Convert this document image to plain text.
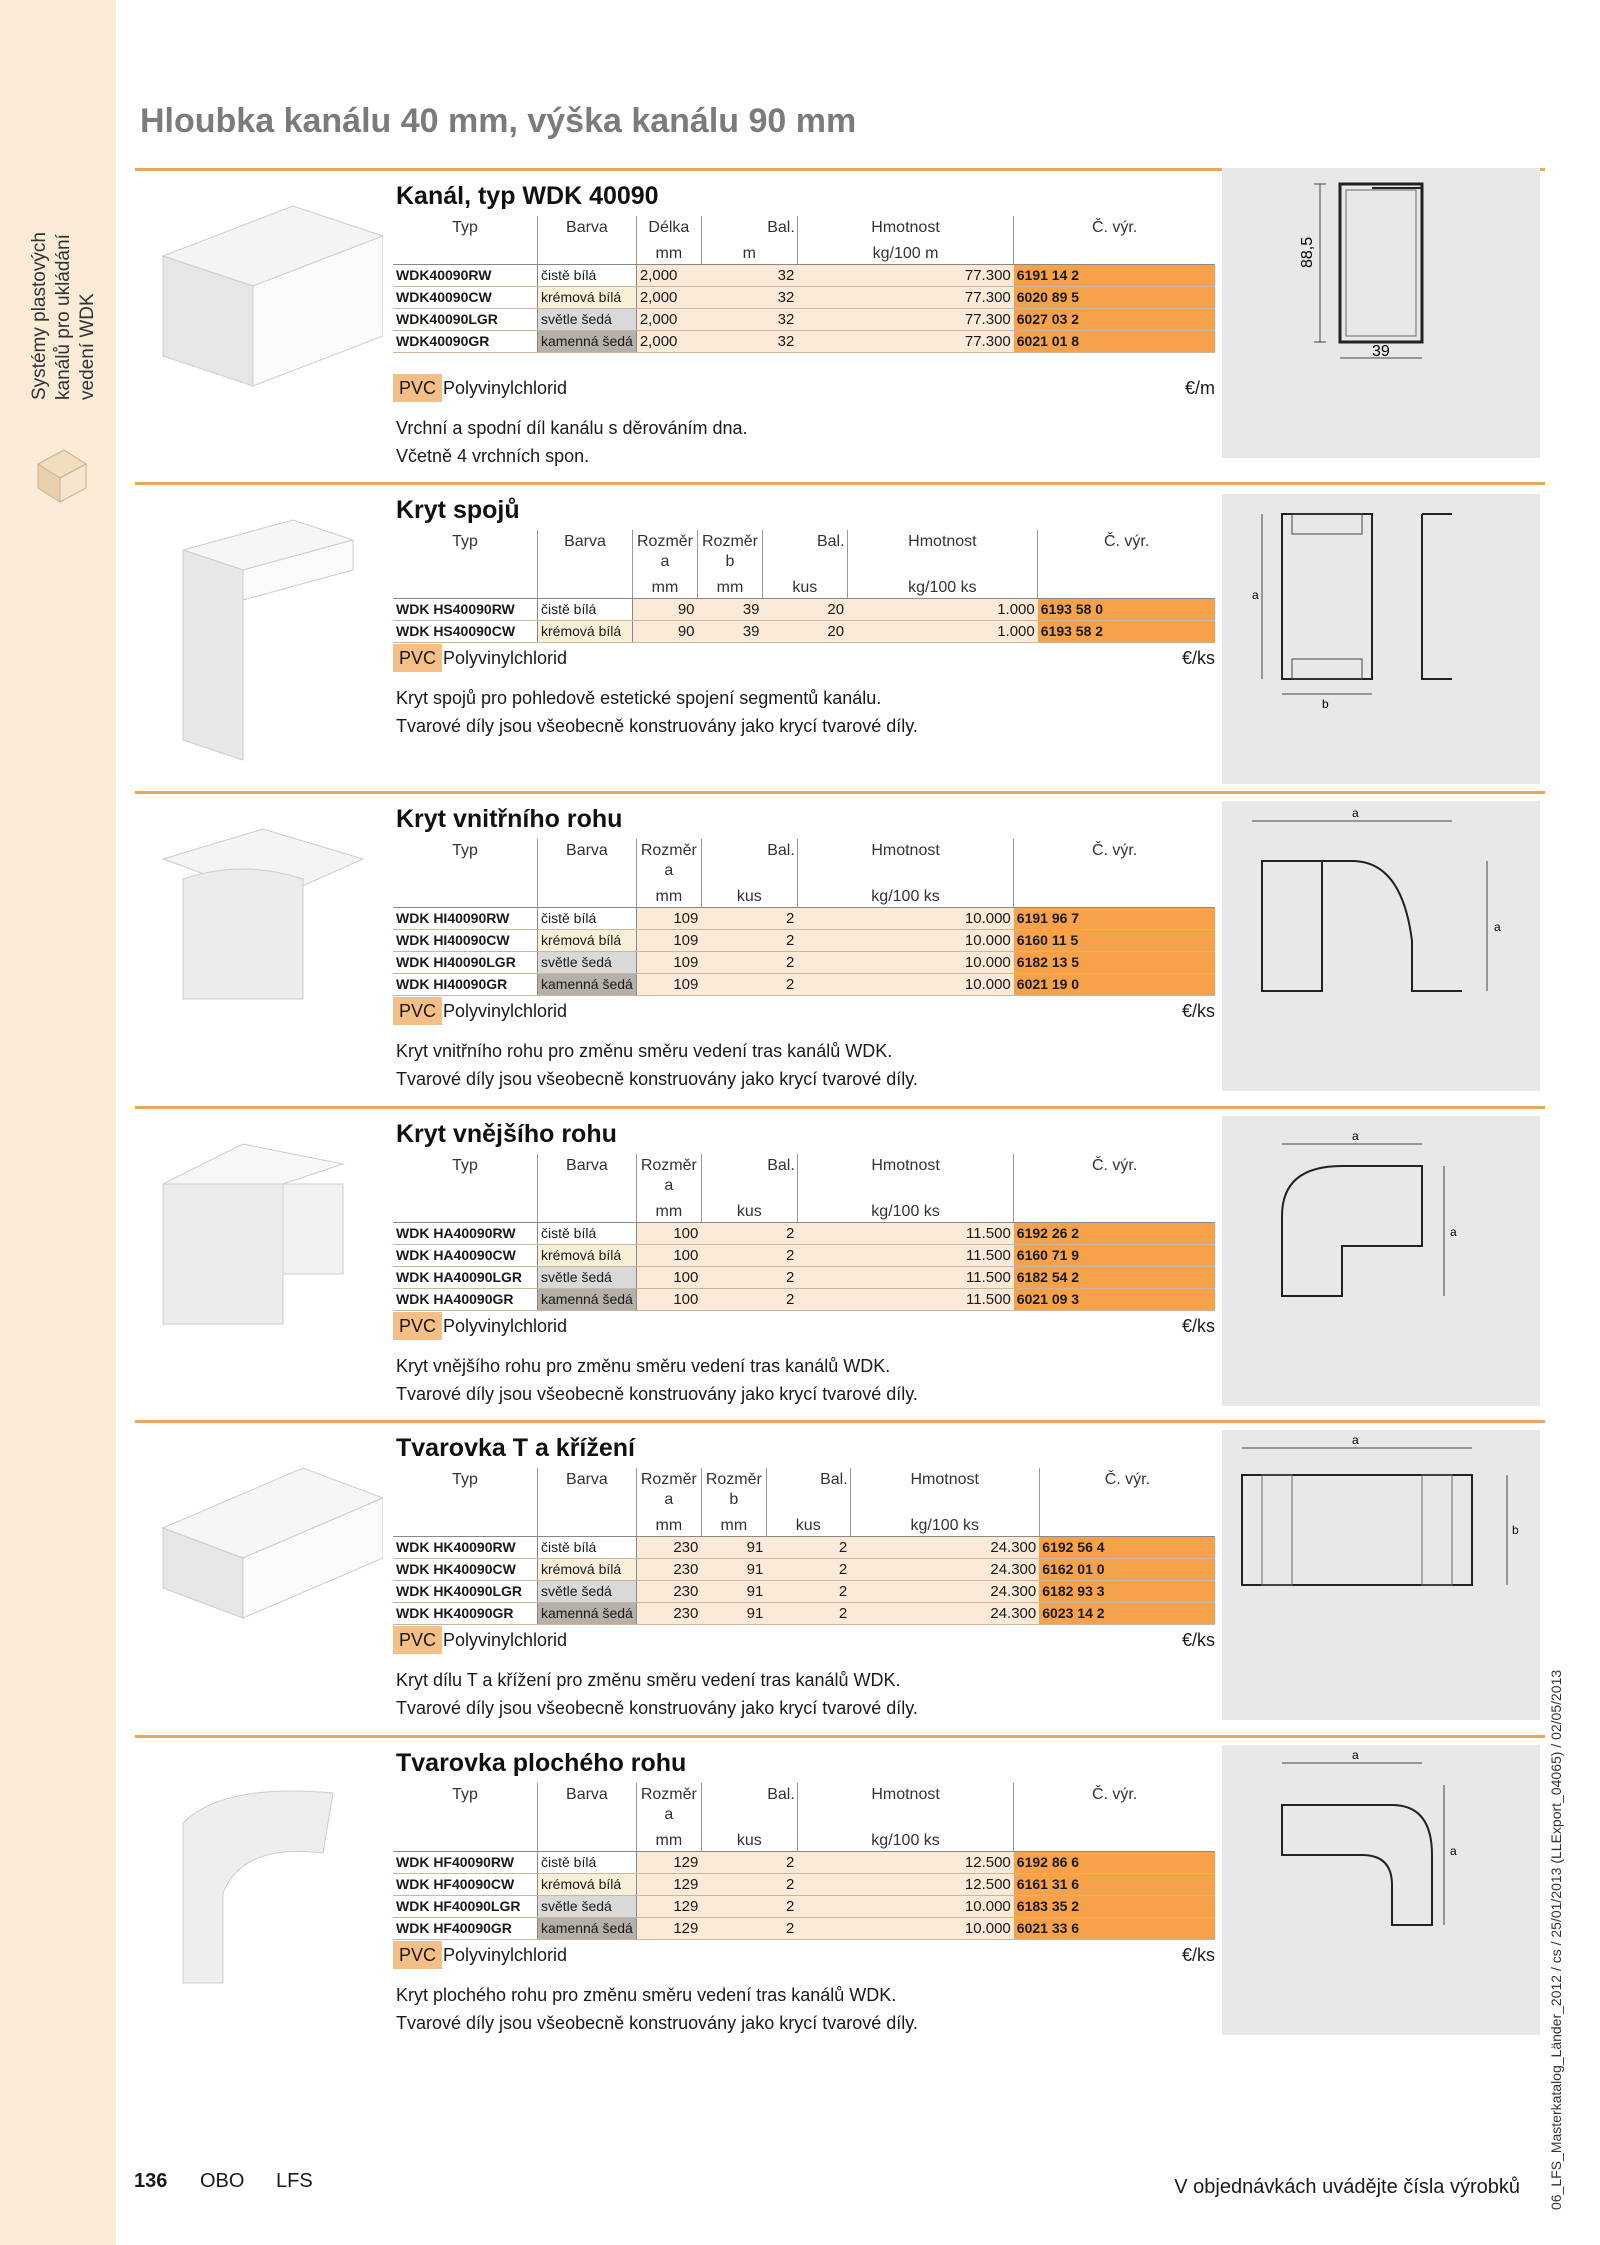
Systémy plastových
kanálů pro ukládání
vedení WDK
Hloubka kanálu 40 mm, výška kanálu 90 mm
88,5
39
Kanál, typ WDK 40090
Typ	Barva	Délka	Bal.	Hmotnost	Č. výr.
		mm	m	kg/100 m	
WDK40090RW	čistě bílá	2,000	32	77.300	6191 14 2
WDK40090CW	krémová bílá	2,000	32	77.300	6020 89 5
WDK40090LGR	světle šedá	2,000	32	77.300	6027 03 2
WDK40090GR	kamenná šedá	2,000	32	77.300	6021 01 8
PVC Polyvinylchlorid	€/m
Vrchní a spodní díl kanálu s děrováním dna.
Včetně 4 vrchních spon.
a
b
Kryt spojů
Typ	Barva	Rozměr
a	Rozměr
b	Bal.	Hmotnost	Č. výr.
		mm	mm	kus	kg/100 ks	
WDK HS40090RW	čistě bílá	90	39	20	1.000	6193 58 0
WDK HS40090CW	krémová bílá	90	39	20	1.000	6193 58 2
PVC Polyvinylchlorid	€/ks
Kryt spojů pro pohledově estetické spojení segmentů kanálu.
Tvarové díly jsou všeobecně konstruovány jako krycí tvarové díly.
a
a
Kryt vnitřního rohu
Typ	Barva	Rozměr
a	Bal.	Hmotnost	Č. výr.
		mm	kus	kg/100 ks	
WDK HI40090RW	čistě bílá	109	2	10.000	6191 96 7
WDK HI40090CW	krémová bílá	109	2	10.000	6160 11 5
WDK HI40090LGR	světle šedá	109	2	10.000	6182 13 5
WDK HI40090GR	kamenná šedá	109	2	10.000	6021 19 0
PVC Polyvinylchlorid	€/ks
Kryt vnitřního rohu pro změnu směru vedení tras kanálů WDK.
Tvarové díly jsou všeobecně konstruovány jako krycí tvarové díly.
a
a
Kryt vnějšího rohu
Typ	Barva	Rozměr
a	Bal.	Hmotnost	Č. výr.
		mm	kus	kg/100 ks	
WDK HA40090RW	čistě bílá	100	2	11.500	6192 26 2
WDK HA40090CW	krémová bílá	100	2	11.500	6160 71 9
WDK HA40090LGR	světle šedá	100	2	11.500	6182 54 2
WDK HA40090GR	kamenná šedá	100	2	11.500	6021 09 3
PVC Polyvinylchlorid	€/ks
Kryt vnějšího rohu pro změnu směru vedení tras kanálů WDK.
Tvarové díly jsou všeobecně konstruovány jako krycí tvarové díly.
a
b
Tvarovka T a křížení
Typ	Barva	Rozměr
a	Rozměr
b	Bal.	Hmotnost	Č. výr.
		mm	mm	kus	kg/100 ks	
WDK HK40090RW	čistě bílá	230	91	2	24.300	6192 56 4
WDK HK40090CW	krémová bílá	230	91	2	24.300	6162 01 0
WDK HK40090LGR	světle šedá	230	91	2	24.300	6182 93 3
WDK HK40090GR	kamenná šedá	230	91	2	24.300	6023 14 2
PVC Polyvinylchlorid	€/ks
Kryt dílu T a křížení pro změnu směru vedení tras kanálů WDK.
Tvarové díly jsou všeobecně konstruovány jako krycí tvarové díly.
a
a
Tvarovka plochého rohu
Typ	Barva	Rozměr
a	Bal.	Hmotnost	Č. výr.
		mm	kus	kg/100 ks	
WDK HF40090RW	čistě bílá	129	2	12.500	6192 86 6
WDK HF40090CW	krémová bílá	129	2	12.500	6161 31 6
WDK HF40090LGR	světle šedá	129	2	10.000	6183 35 2
WDK HF40090GR	kamenná šedá	129	2	10.000	6021 33 6
PVC Polyvinylchlorid	€/ks
Kryt plochého rohu pro změnu směru vedení tras kanálů WDK.
Tvarové díly jsou všeobecně konstruovány jako krycí tvarové díly.
136 OBO LFS	V objednávkách uvádějte čísla výrobků 06_LFS_Masterkatalog_Länder_2012 / cs / 25/01/2013 (LLExport_04065) / 02/05/2013
